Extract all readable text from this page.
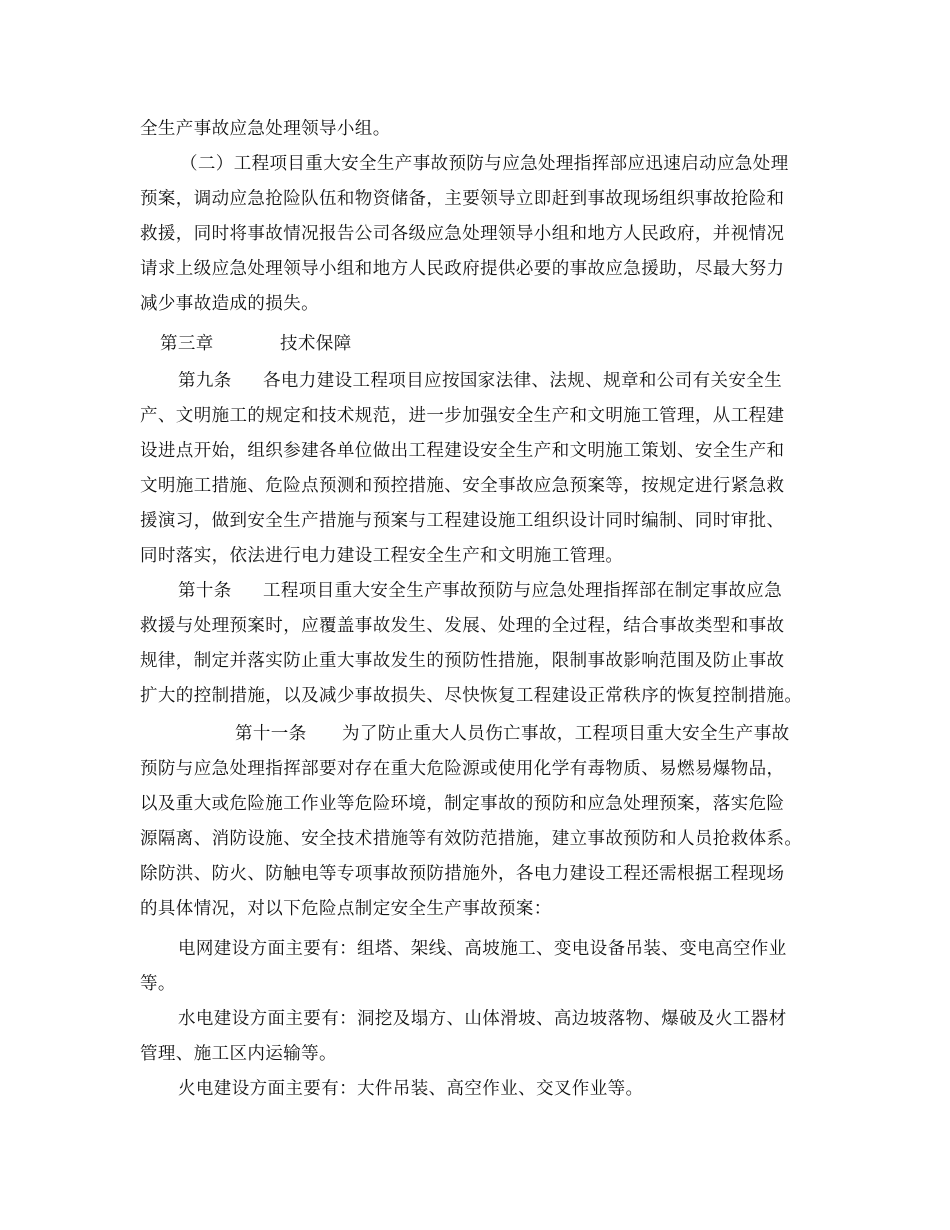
全生产事故应急处理领导小组。
（二）工程项目重大安全生产事故预防与应急处理指挥部应迅速启动应急处理
预案，调动应急抢险队伍和物资储备，主要领导立即赶到事故现场组织事故抢险和
救援，同时将事故情况报告公司各级应急处理领导小组和地方人民政府，并视情况
请求上级应急处理领导小组和地方人民政府提供必要的事故应急援助，尽最大努力
减少事故造成的损失。
第三章	技术保障
第九条 各电力建设工程项目应按国家法律、法规、规章和公司有关安全生
产、文明施工的规定和技术规范，进一步加强安全生产和文明施工管理，从工程建
设进点开始，组织参建各单位做出工程建设安全生产和文明施工策划、安全生产和
文明施工措施、危险点预测和预控措施、安全事故应急预案等，按规定进行紧急救
援演习，做到安全生产措施与预案与工程建设施工组织设计同时编制、同时审批、
同时落实，依法进行电力建设工程安全生产和文明施工管理。
第十条 工程项目重大安全生产事故预防与应急处理指挥部在制定事故应急
救援与处理预案时，应覆盖事故发生、发展、处理的全过程，结合事故类型和事故
规律，制定并落实防止重大事故发生的预防性措施，限制事故影响范围及防止事故
扩大的控制措施，以及减少事故损失、尽快恢复工程建设正常秩序的恢复控制措施。
第十一条 为了防止重大人员伤亡事故，工程项目重大安全生产事故
预防与应急处理指挥部要对存在重大危险源或使用化学有毒物质、易燃易爆物品，
以及重大或危险施工作业等危险环境，制定事故的预防和应急处理预案，落实危险
源隔离、消防设施、安全技术措施等有效防范措施，建立事故预防和人员抢救体系。
除防洪、防火、防触电等专项事故预防措施外，各电力建设工程还需根据工程现场
的具体情况，对以下危险点制定安全生产事故预案：
电网建设方面主要有：组塔、架线、高坡施工、变电设备吊装、变电高空作业
等。
水电建设方面主要有：洞挖及塌方、山体滑坡、高边坡落物、爆破及火工器材
管理、施工区内运输等。
火电建设方面主要有：大件吊装、高空作业、交叉作业等。
